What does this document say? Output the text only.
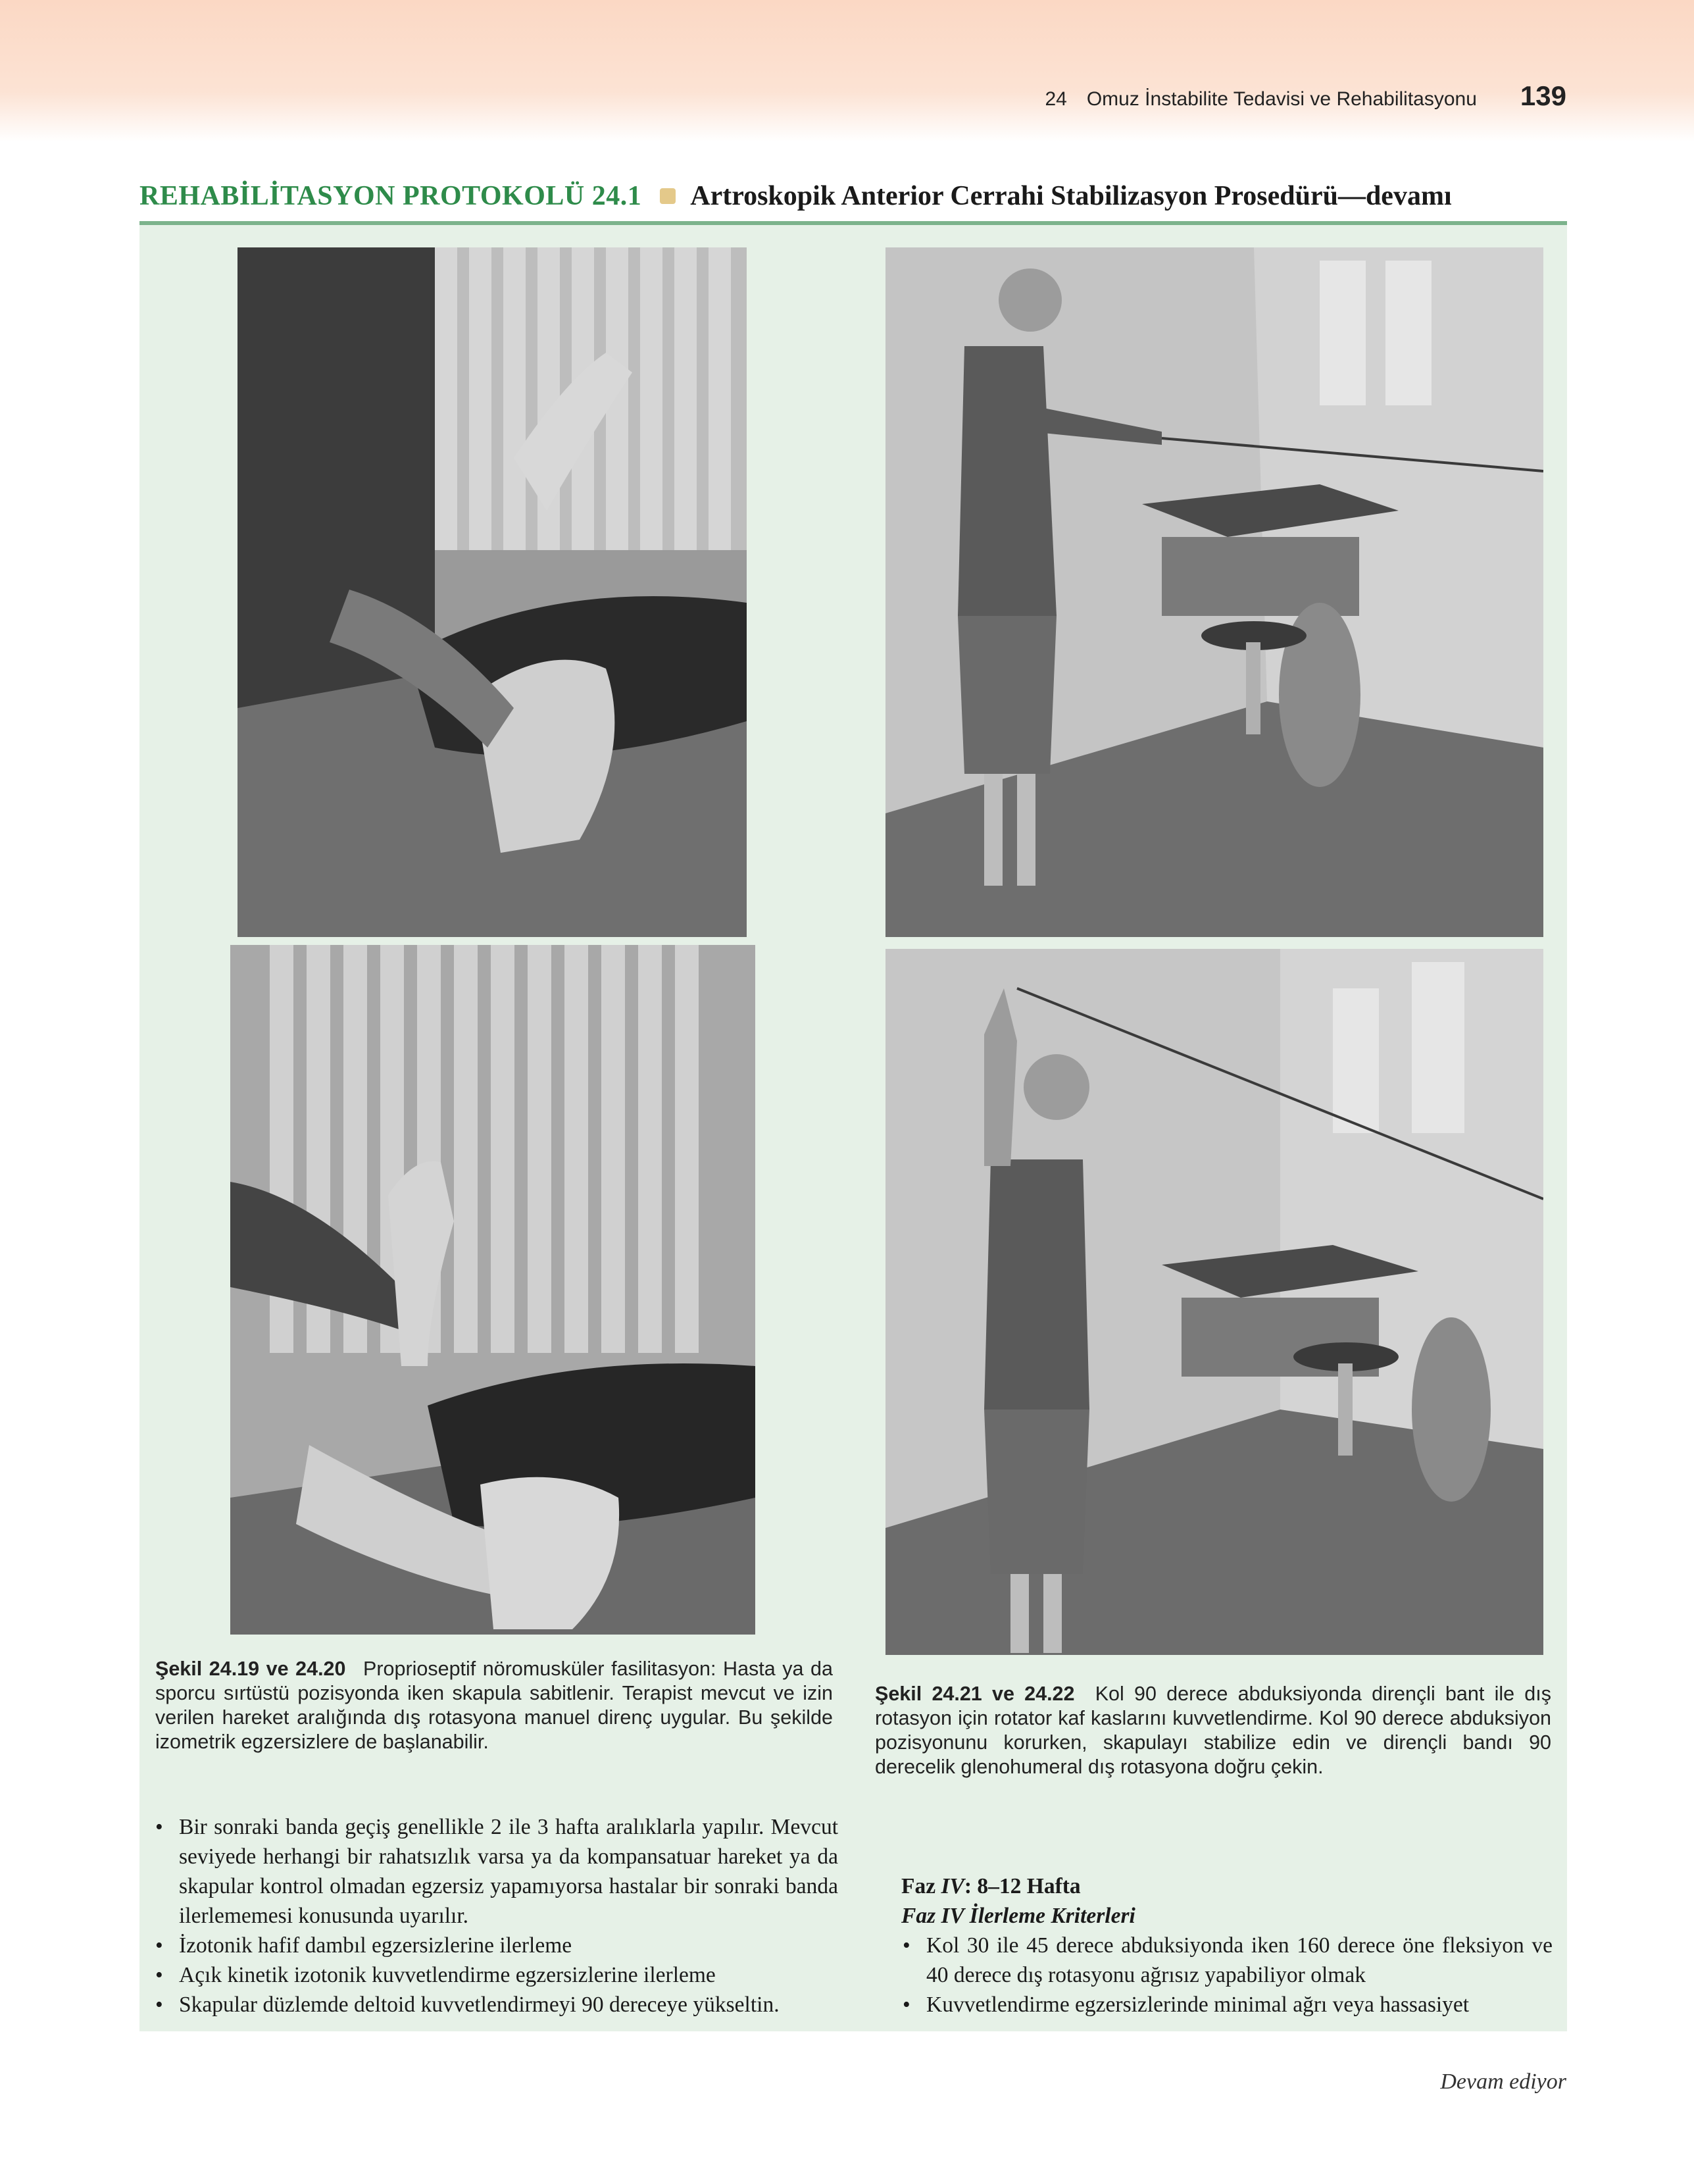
24 Omuz İnstabilite Tedavisi ve Rehabilitasyonu 139
REHABİLİTASYON PROTOKOLÜ 24.1 Artroskopik Anterior Cerrahi Stabilizasyon Prosedürü—devamı
Şekil 24.19 ve 24.20 Proprioseptif nöromusküler fasilitasyon: Hasta ya da sporcu sırtüstü pozisyonda iken skapula sabitlenir. Terapist mevcut ve izin verilen hareket aralığında dış rotasyona manuel direnç uygular. Bu şekilde izometrik egzersizlere de başlanabilir.
Şekil 24.21 ve 24.22 Kol 90 derece abduksiyonda dirençli bant ile dış rotasyon için rotator kaf kaslarını kuvvetlendirme. Kol 90 derece abduksiyon pozisyonunu korurken, skapulayı stabilize edin ve dirençli bandı 90 derecelik glenohumeral dış rotasyona doğru çekin.
• Bir sonraki banda geçiş genellikle 2 ile 3 hafta aralıklarla yapılır. Mevcut seviyede herhangi bir rahatsızlık varsa ya da kompansatuar hareket ya da skapular kontrol olmadan egzersiz yapamıyorsa hastalar bir sonraki banda ilerlememesi konusunda uyarılır.
• İzotonik hafif dambıl egzersizlerine ilerleme
• Açık kinetik izotonik kuvvetlendirme egzersizlerine ilerleme
• Skapular düzlemde deltoid kuvvetlendirmeyi 90 dereceye yükseltin.
Faz IV: 8–12 Hafta
Faz IV İlerleme Kriterleri
• Kol 30 ile 45 derece abduksiyonda iken 160 derece öne fleksiyon ve 40 derece dış rotasyonu ağrısız yapabiliyor olmak
• Kuvvetlendirme egzersizlerinde minimal ağrı veya hassasiyet
Devam ediyor
